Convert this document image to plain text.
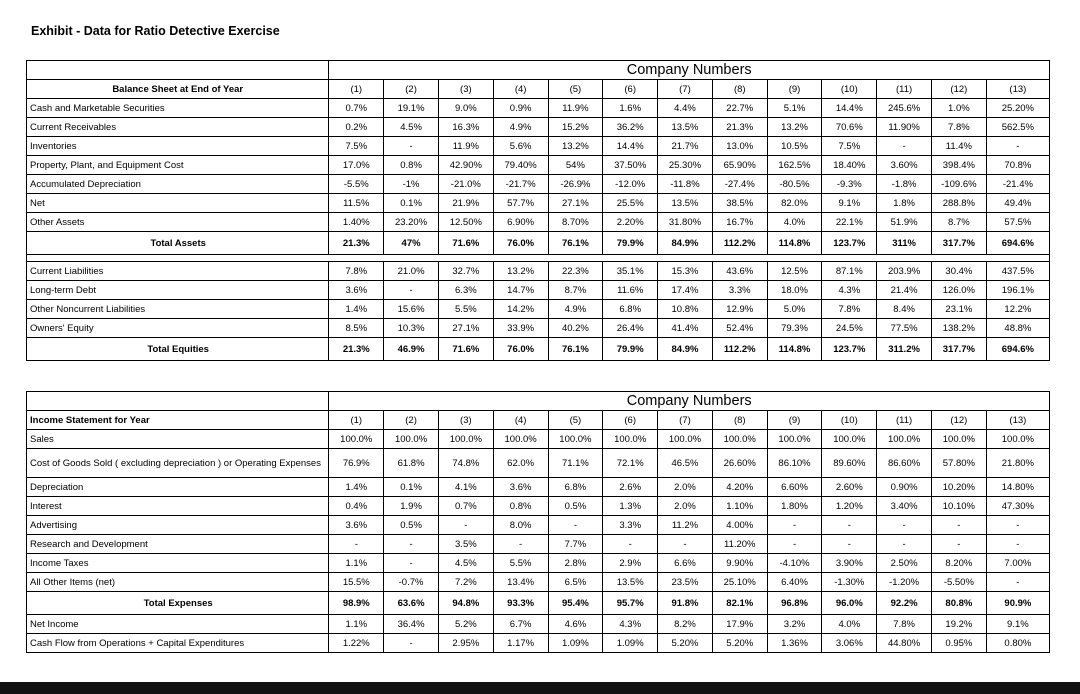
Exhibit - Data for Ratio Detective Exercise
	Company Numbers												
Balance Sheet at End of Year	(1)	(2)	(3)	(4)	(5)	(6)	(7)	(8)	(9)	(10)	(11)	(12)	(13)
Cash and Marketable Securities	0.7%	19.1%	9.0%	0.9%	11.9%	1.6%	4.4%	22.7%	5.1%	14.4%	245.6%	1.0%	25.20%
Current Receivables	0.2%	4.5%	16.3%	4.9%	15.2%	36.2%	13.5%	21.3%	13.2%	70.6%	11.90%	7.8%	562.5%
Inventories	7.5%	-	11.9%	5.6%	13.2%	14.4%	21.7%	13.0%	10.5%	7.5%	-	11.4%	-
Property, Plant, and Equipment Cost	17.0%	0.8%	42.90%	79.40%	54%	37.50%	25.30%	65.90%	162.5%	18.40%	3.60%	398.4%	70.8%
Accumulated Depreciation	-5.5%	-1%	-21.0%	-21.7%	-26.9%	-12.0%	-11.8%	-27.4%	-80.5%	-9.3%	-1.8%	-109.6%	-21.4%
Net	11.5%	0.1%	21.9%	57.7%	27.1%	25.5%	13.5%	38.5%	82.0%	9.1%	1.8%	288.8%	49.4%
Other Assets	1.40%	23.20%	12.50%	6.90%	8.70%	2.20%	31.80%	16.7%	4.0%	22.1%	51.9%	8.7%	57.5%
Total Assets	21.3%	47%	71.6%	76.0%	76.1%	79.9%	84.9%	112.2%	114.8%	123.7%	311%	317.7%	694.6%

Current Liabilities	7.8%	21.0%	32.7%	13.2%	22.3%	35.1%	15.3%	43.6%	12.5%	87.1%	203.9%	30.4%	437.5%
Long-term Debt	3.6%	-	6.3%	14.7%	8.7%	11.6%	17.4%	3.3%	18.0%	4.3%	21.4%	126.0%	196.1%
Other Noncurrent Liabilities	1.4%	15.6%	5.5%	14.2%	4.9%	6.8%	10.8%	12.9%	5.0%	7.8%	8.4%	23.1%	12.2%
Owners' Equity	8.5%	10.3%	27.1%	33.9%	40.2%	26.4%	41.4%	52.4%	79.3%	24.5%	77.5%	138.2%	48.8%
Total Equities	21.3%	46.9%	71.6%	76.0%	76.1%	79.9%	84.9%	112.2%	114.8%	123.7%	311.2%	317.7%	694.6%
	Company Numbers												
Income Statement for Year	(1)	(2)	(3)	(4)	(5)	(6)	(7)	(8)	(9)	(10)	(11)	(12)	(13)
Sales	100.0%	100.0%	100.0%	100.0%	100.0%	100.0%	100.0%	100.0%	100.0%	100.0%	100.0%	100.0%	100.0%
Cost of Goods Sold ( excluding depreciation ) or Operating Expenses	76.9%	61.8%	74.8%	62.0%	71.1%	72.1%	46.5%	26.60%	86.10%	89.60%	86.60%	57.80%	21.80%
Depreciation	1.4%	0.1%	4.1%	3.6%	6.8%	2.6%	2.0%	4.20%	6.60%	2.60%	0.90%	10.20%	14.80%
Interest	0.4%	1.9%	0.7%	0.8%	0.5%	1.3%	2.0%	1.10%	1.80%	1.20%	3.40%	10.10%	47.30%
Advertising	3.6%	0.5%	-	8.0%	-	3.3%	11.2%	4.00%	-	-	-	-	-
Research and Development	-	-	3.5%	-	7.7%	-	-	11.20%	-	-	-	-	-
Income Taxes	1.1%	-	4.5%	5.5%	2.8%	2.9%	6.6%	9.90%	-4.10%	3.90%	2.50%	8.20%	7.00%
All Other Items (net)	15.5%	-0.7%	7.2%	13.4%	6.5%	13.5%	23.5%	25.10%	6.40%	-1.30%	-1.20%	-5.50%	-
Total Expenses	98.9%	63.6%	94.8%	93.3%	95.4%	95.7%	91.8%	82.1%	96.8%	96.0%	92.2%	80.8%	90.9%
Net Income	1.1%	36.4%	5.2%	6.7%	4.6%	4.3%	8.2%	17.9%	3.2%	4.0%	7.8%	19.2%	9.1%
Cash Flow from Operations + Capital Expenditures	1.22%	-	2.95%	1.17%	1.09%	1.09%	5.20%	5.20%	1.36%	3.06%	44.80%	0.95%	0.80%
